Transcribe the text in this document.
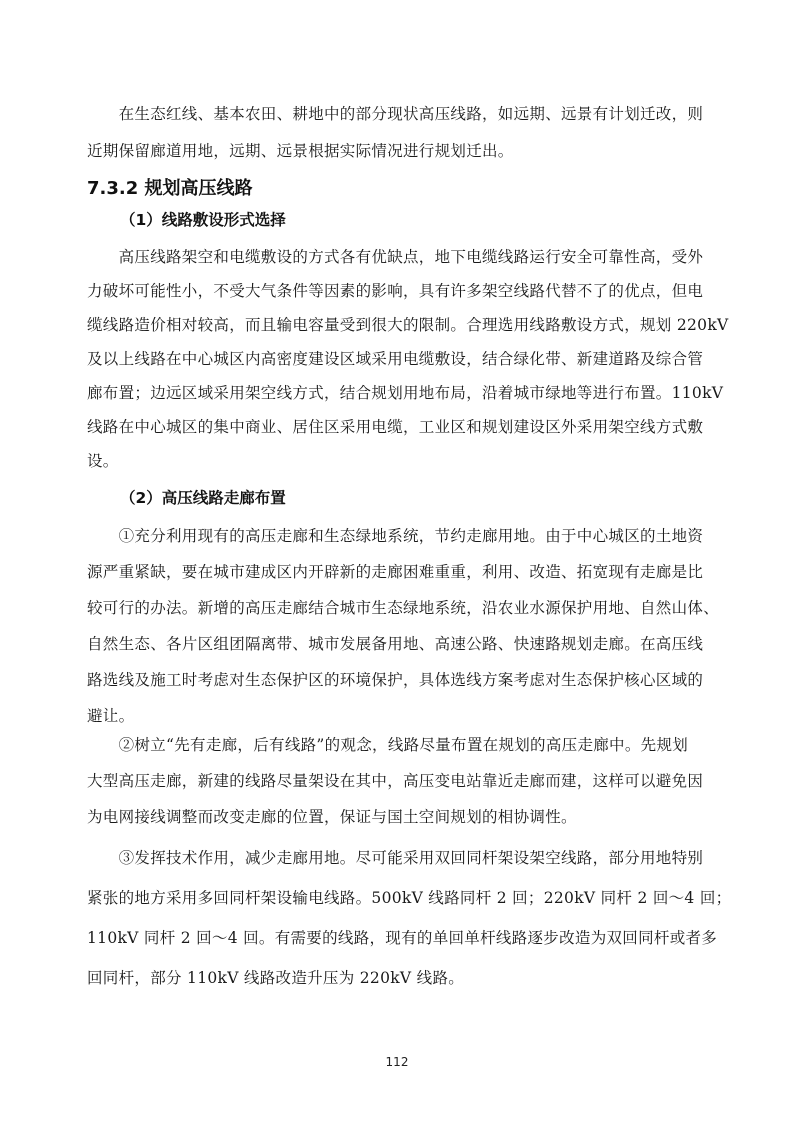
　　在生态红线、基本农田、耕地中的部分现状高压线路，如远期、远景有计划迁改，则
近期保留廊道用地，远期、远景根据实际情况进行规划迁出。
7.3.2 规划高压线路
（1）线路敷设形式选择
　　高压线路架空和电缆敷设的方式各有优缺点，地下电缆线路运行安全可靠性高，受外
力破坏可能性小，不受大气条件等因素的影响，具有许多架空线路代替不了的优点，但电
缆线路造价相对较高，而且输电容量受到很大的限制。合理选用线路敷设方式，规划 220kV
及以上线路在中心城区内高密度建设区域采用电缆敷设，结合绿化带、新建道路及综合管
廊布置；边远区域采用架空线方式，结合规划用地布局，沿着城市绿地等进行布置。110kV
线路在中心城区的集中商业、居住区采用电缆，工业区和规划建设区外采用架空线方式敷
设。
（2）高压线路走廊布置
　　①充分利用现有的高压走廊和生态绿地系统，节约走廊用地。由于中心城区的土地资
源严重紧缺，要在城市建成区内开辟新的走廊困难重重，利用、改造、拓宽现有走廊是比
较可行的办法。新增的高压走廊结合城市生态绿地系统，沿农业水源保护用地、自然山体、
自然生态、各片区组团隔离带、城市发展备用地、高速公路、快速路规划走廊。在高压线
路选线及施工时考虑对生态保护区的环境保护，具体选线方案考虑对生态保护核心区域的
避让。
　　②树立“先有走廊，后有线路”的观念，线路尽量布置在规划的高压走廊中。先规划
大型高压走廊，新建的线路尽量架设在其中，高压变电站靠近走廊而建，这样可以避免因
为电网接线调整而改变走廊的位置，保证与国土空间规划的相协调性。
　　③发挥技术作用，减少走廊用地。尽可能采用双回同杆架设架空线路，部分用地特别
紧张的地方采用多回同杆架设输电线路。500kV 线路同杆 2 回；220kV 同杆 2 回～4 回；
110kV 同杆 2 回～4 回。有需要的线路，现有的单回单杆线路逐步改造为双回同杆或者多
回同杆，部分 110kV 线路改造升压为 220kV 线路。
112
